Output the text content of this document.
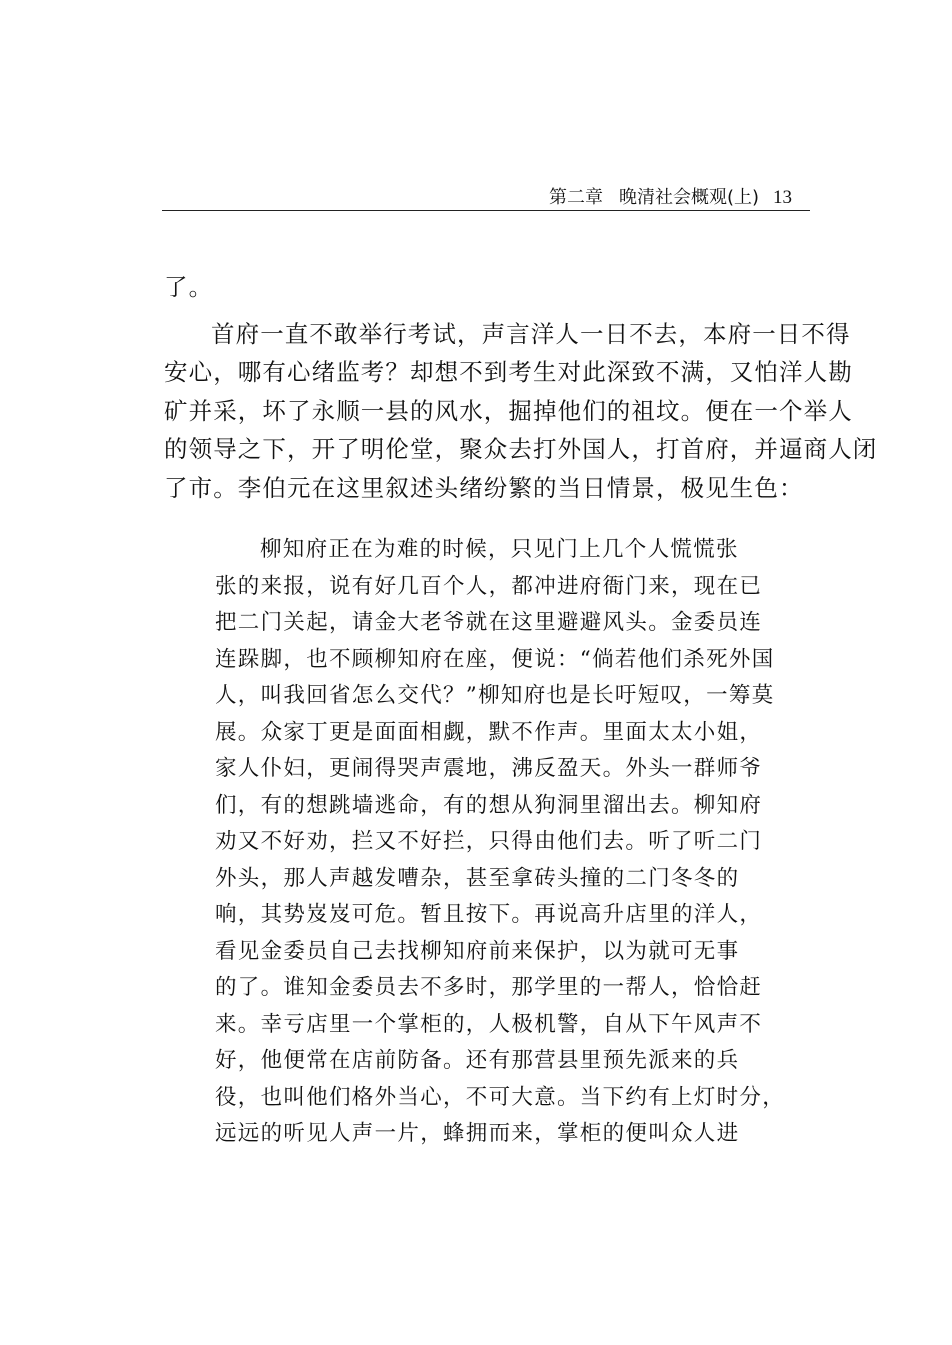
第二章 晚清社会概观(上) 13

了。

首府一直不敢举行考试，声言洋人一日不去，本府一日不得

安心，哪有心绪监考？却想不到考生对此深致不满，又怕洋人勘

矿并采，坏了永顺一县的风水，掘掉他们的祖坟。便在一个举人

的领导之下，开了明伦堂，聚众去打外国人，打首府，并逼商人闭

了市。李伯元在这里叙述头绪纷繁的当日情景，极见生色：

柳知府正在为难的时候，只见门上几个人慌慌张

张的来报，说有好几百个人，都冲进府衙门来，现在已

把二门关起，请金大老爷就在这里避避风头。金委员连

连跺脚，也不顾柳知府在座，便说：“倘若他们杀死外国

人，叫我回省怎么交代？”柳知府也是长吁短叹，一筹莫

展。众家丁更是面面相觑，默不作声。里面太太小姐，

家人仆妇，更闹得哭声震地，沸反盈天。外头一群师爷

们，有的想跳墙逃命，有的想从狗洞里溜出去。柳知府

劝又不好劝，拦又不好拦，只得由他们去。听了听二门

外头，那人声越发嘈杂，甚至拿砖头撞的二门冬冬的

响，其势岌岌可危。暂且按下。再说高升店里的洋人，

看见金委员自己去找柳知府前来保护，以为就可无事

的了。谁知金委员去不多时，那学里的一帮人，恰恰赶

来。幸亏店里一个掌柜的，人极机警，自从下午风声不

好，他便常在店前防备。还有那营县里预先派来的兵

役，也叫他们格外当心，不可大意。当下约有上灯时分，

远远的听见人声一片，蜂拥而来，掌柜的便叫众人进
